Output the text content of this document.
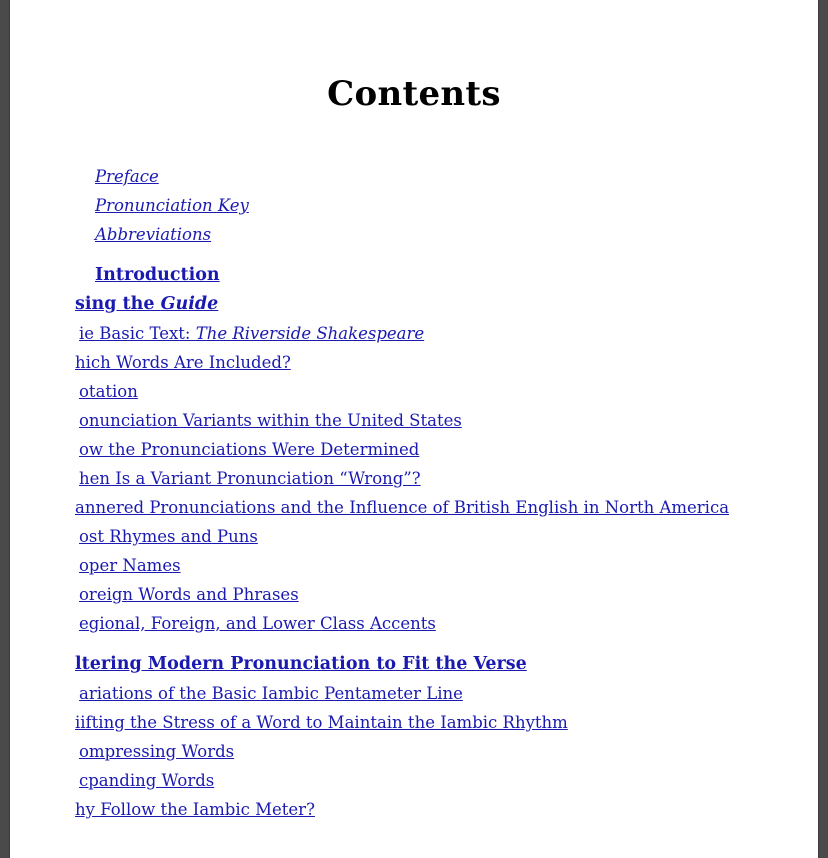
Contents
Preface
Pronunciation Key
Abbreviations
Introduction
sing the Guide
ie Basic Text: The Riverside Shakespeare
hich Words Are Included?
otation
onunciation Variants within the United States
ow the Pronunciations Were Determined
hen Is a Variant Pronunciation “Wrong”?
annered Pronunciations and the Influence of British English in North America
ost Rhymes and Puns
oper Names
oreign Words and Phrases
egional, Foreign, and Lower Class Accents
ltering Modern Pronunciation to Fit the Verse
ariations of the Basic Iambic Pentameter Line
iifting the Stress of a Word to Maintain the Iambic Rhythm
ompressing Words
cpanding Words
hy Follow the Iambic Meter?
